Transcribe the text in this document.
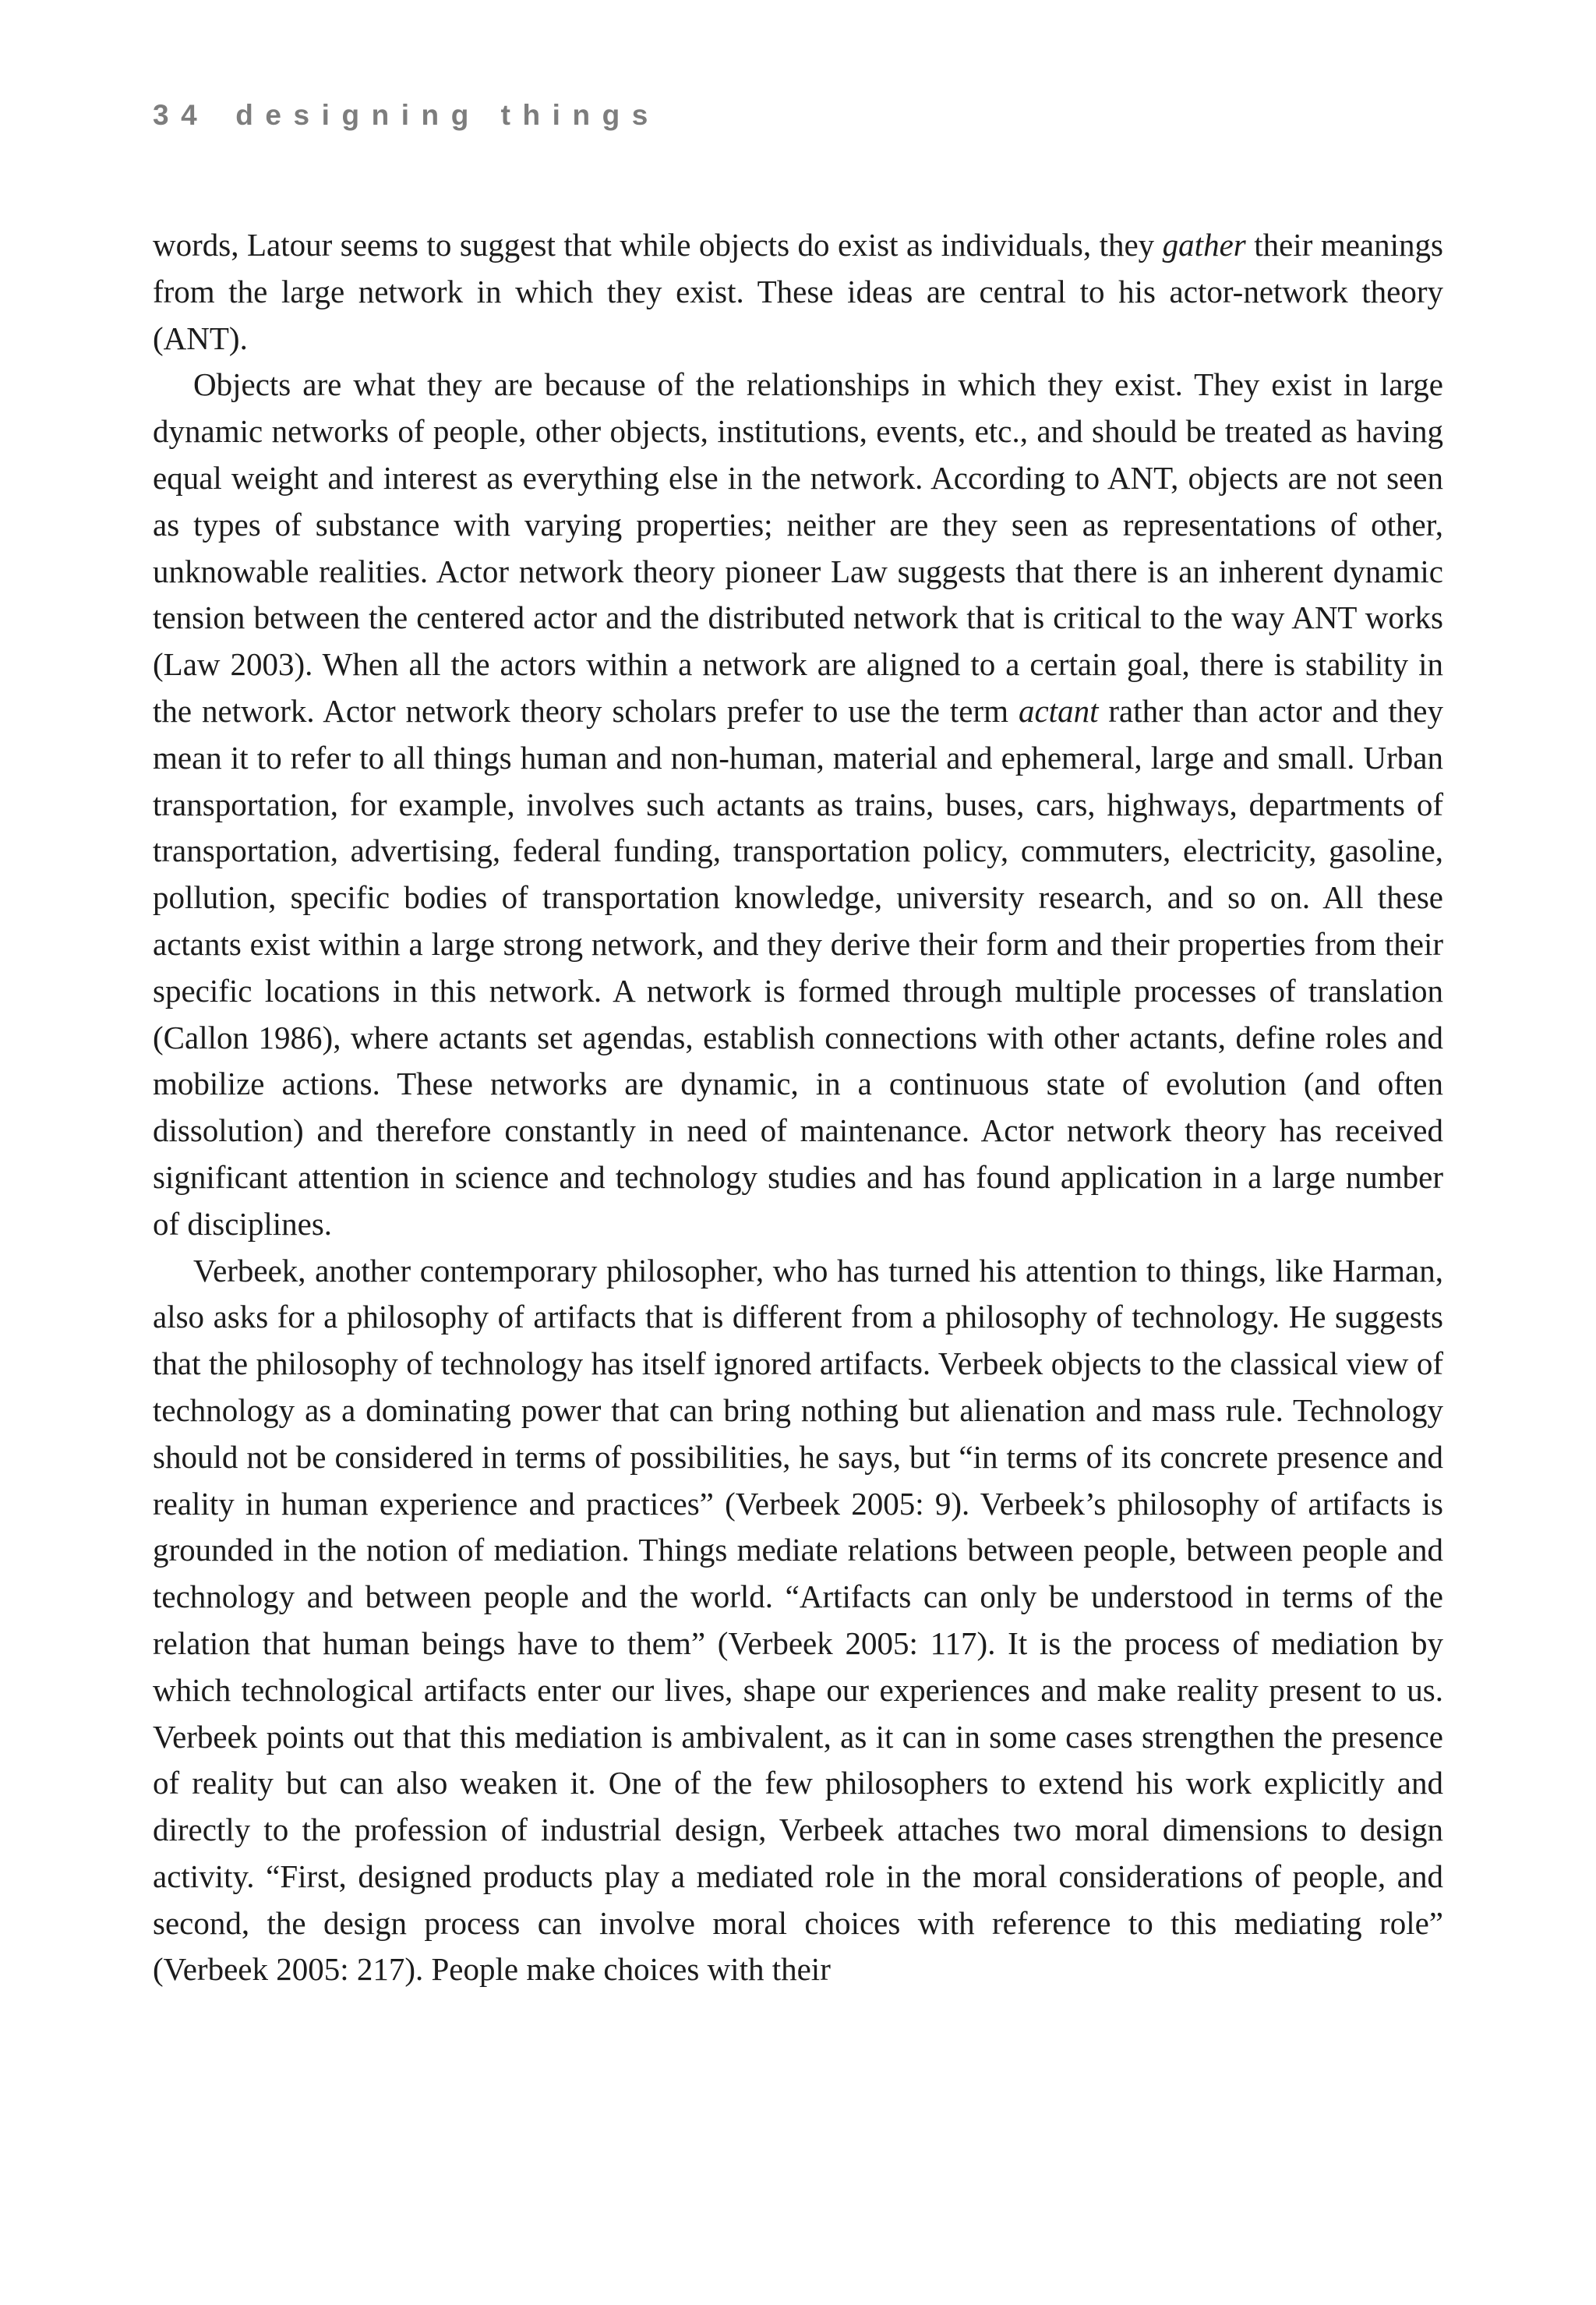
34 designing things

words, Latour seems to suggest that while objects do exist as individuals, they gather their meanings from the large network in which they exist. These ideas are central to his actor-network theory (ANT).

Objects are what they are because of the relationships in which they exist. They exist in large dynamic networks of people, other objects, institutions, events, etc., and should be treated as having equal weight and interest as everything else in the network. According to ANT, objects are not seen as types of substance with varying properties; neither are they seen as representations of other, unknowable realities. Actor network theory pioneer Law suggests that there is an inherent dynamic tension between the centered actor and the distributed network that is critical to the way ANT works (Law 2003). When all the actors within a network are aligned to a certain goal, there is stability in the network. Actor network theory scholars prefer to use the term actant rather than actor and they mean it to refer to all things human and non-human, material and ephemeral, large and small. Urban transportation, for example, involves such actants as trains, buses, cars, highways, departments of transportation, advertising, federal funding, transportation policy, commuters, electricity, gasoline, pollution, specific bodies of transportation knowledge, university research, and so on. All these actants exist within a large strong network, and they derive their form and their properties from their specific locations in this network. A network is formed through multiple processes of translation (Callon 1986), where actants set agendas, establish connections with other actants, define roles and mobilize actions. These networks are dynamic, in a continuous state of evolution (and often dissolution) and therefore constantly in need of maintenance. Actor network theory has received significant attention in science and technology studies and has found application in a large number of disciplines.

Verbeek, another contemporary philosopher, who has turned his attention to things, like Harman, also asks for a philosophy of artifacts that is different from a philosophy of technology. He suggests that the philosophy of technology has itself ignored artifacts. Verbeek objects to the classical view of technology as a dominating power that can bring nothing but alienation and mass rule. Technology should not be considered in terms of possibilities, he says, but “in terms of its concrete presence and reality in human experience and practices” (Verbeek 2005: 9). Verbeek’s philosophy of artifacts is grounded in the notion of mediation. Things mediate relations between people, between people and technology and between people and the world. “Artifacts can only be understood in terms of the relation that human beings have to them” (Verbeek 2005: 117). It is the process of mediation by which technological artifacts enter our lives, shape our experiences and make reality present to us. Verbeek points out that this mediation is ambivalent, as it can in some cases strengthen the presence of reality but can also weaken it. One of the few philosophers to extend his work explicitly and directly to the profession of industrial design, Verbeek attaches two moral dimensions to design activity. “First, designed products play a mediated role in the moral considerations of people, and second, the design process can involve moral choices with reference to this mediating role” (Verbeek 2005: 217). People make choices with their
